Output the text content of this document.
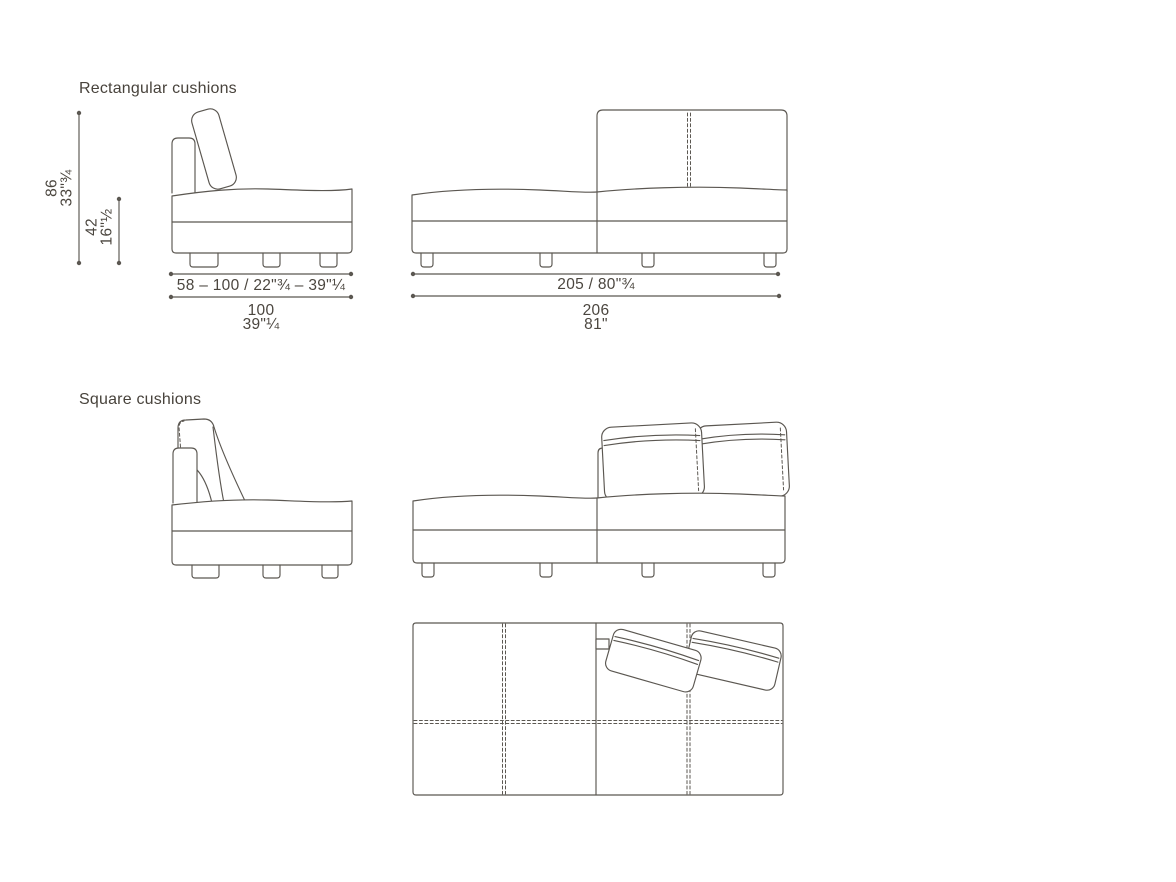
Rectangular cushions
86
33"¾
42
16"½
58 – 100 / 22"¾ – 39"¼
100
39"¼
205 / 80"¾
206
81"
Square cushions
